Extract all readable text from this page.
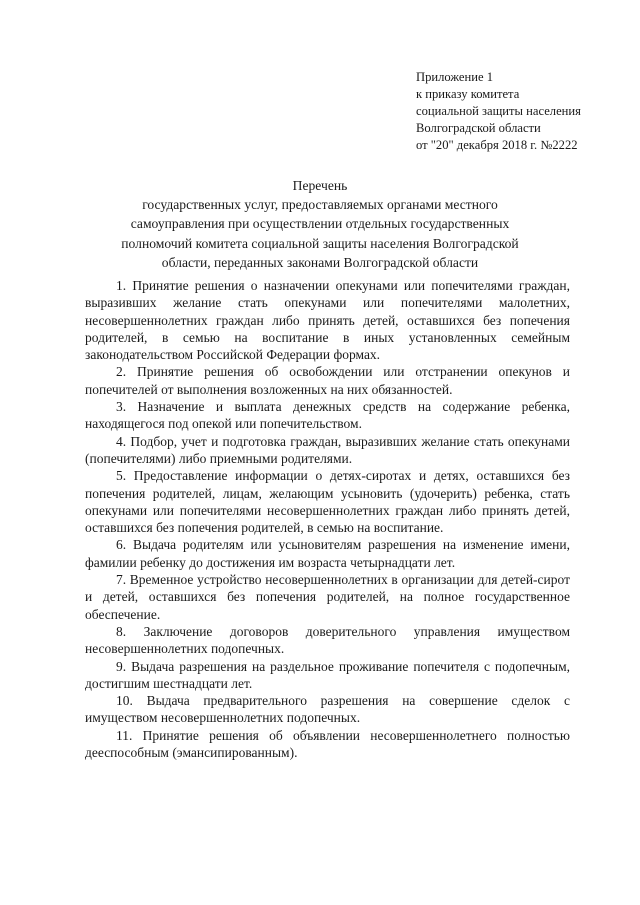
Приложение 1
к приказу комитета
социальной защиты населения
Волгоградской области
от "20" декабря 2018 г. №2222
Перечень
государственных услуг, предоставляемых органами местного
самоуправления при осуществлении отдельных государственных
полномочий комитета социальной защиты населения Волгоградской
области, переданных законами Волгоградской области

1. Принятие решения о назначении опекунами или попечителями граждан, выразивших желание стать опекунами или попечителями малолетних, несовершеннолетних граждан либо принять детей, оставшихся без попечения родителей, в семью на воспитание в иных установленных семейным законодательством Российской Федерации формах.

2. Принятие решения об освобождении или отстранении опекунов и попечителей от выполнения возложенных на них обязанностей.

3. Назначение и выплата денежных средств на содержание ребенка, находящегося под опекой или попечительством.

4. Подбор, учет и подготовка граждан, выразивших желание стать опекунами (попечителями) либо приемными родителями.

5. Предоставление информации о детях-сиротах и детях, оставшихся без попечения родителей, лицам, желающим усыновить (удочерить) ребенка, стать опекунами или попечителями несовершеннолетних граждан либо принять детей, оставшихся без попечения родителей, в семью на воспитание.

6. Выдача родителям или усыновителям разрешения на изменение имени, фамилии ребенку до достижения им возраста четырнадцати лет.

7. Временное устройство несовершеннолетних в организации для детей-сирот и детей, оставшихся без попечения родителей, на полное государственное обеспечение.

8. Заключение договоров доверительного управления имуществом несовершеннолетних подопечных.

9. Выдача разрешения на раздельное проживание попечителя с подопечным, достигшим шестнадцати лет.

10. Выдача предварительного разрешения на совершение сделок с имуществом несовершеннолетних подопечных.

11. Принятие решения об объявлении несовершеннолетнего полностью дееспособным (эмансипированным).
